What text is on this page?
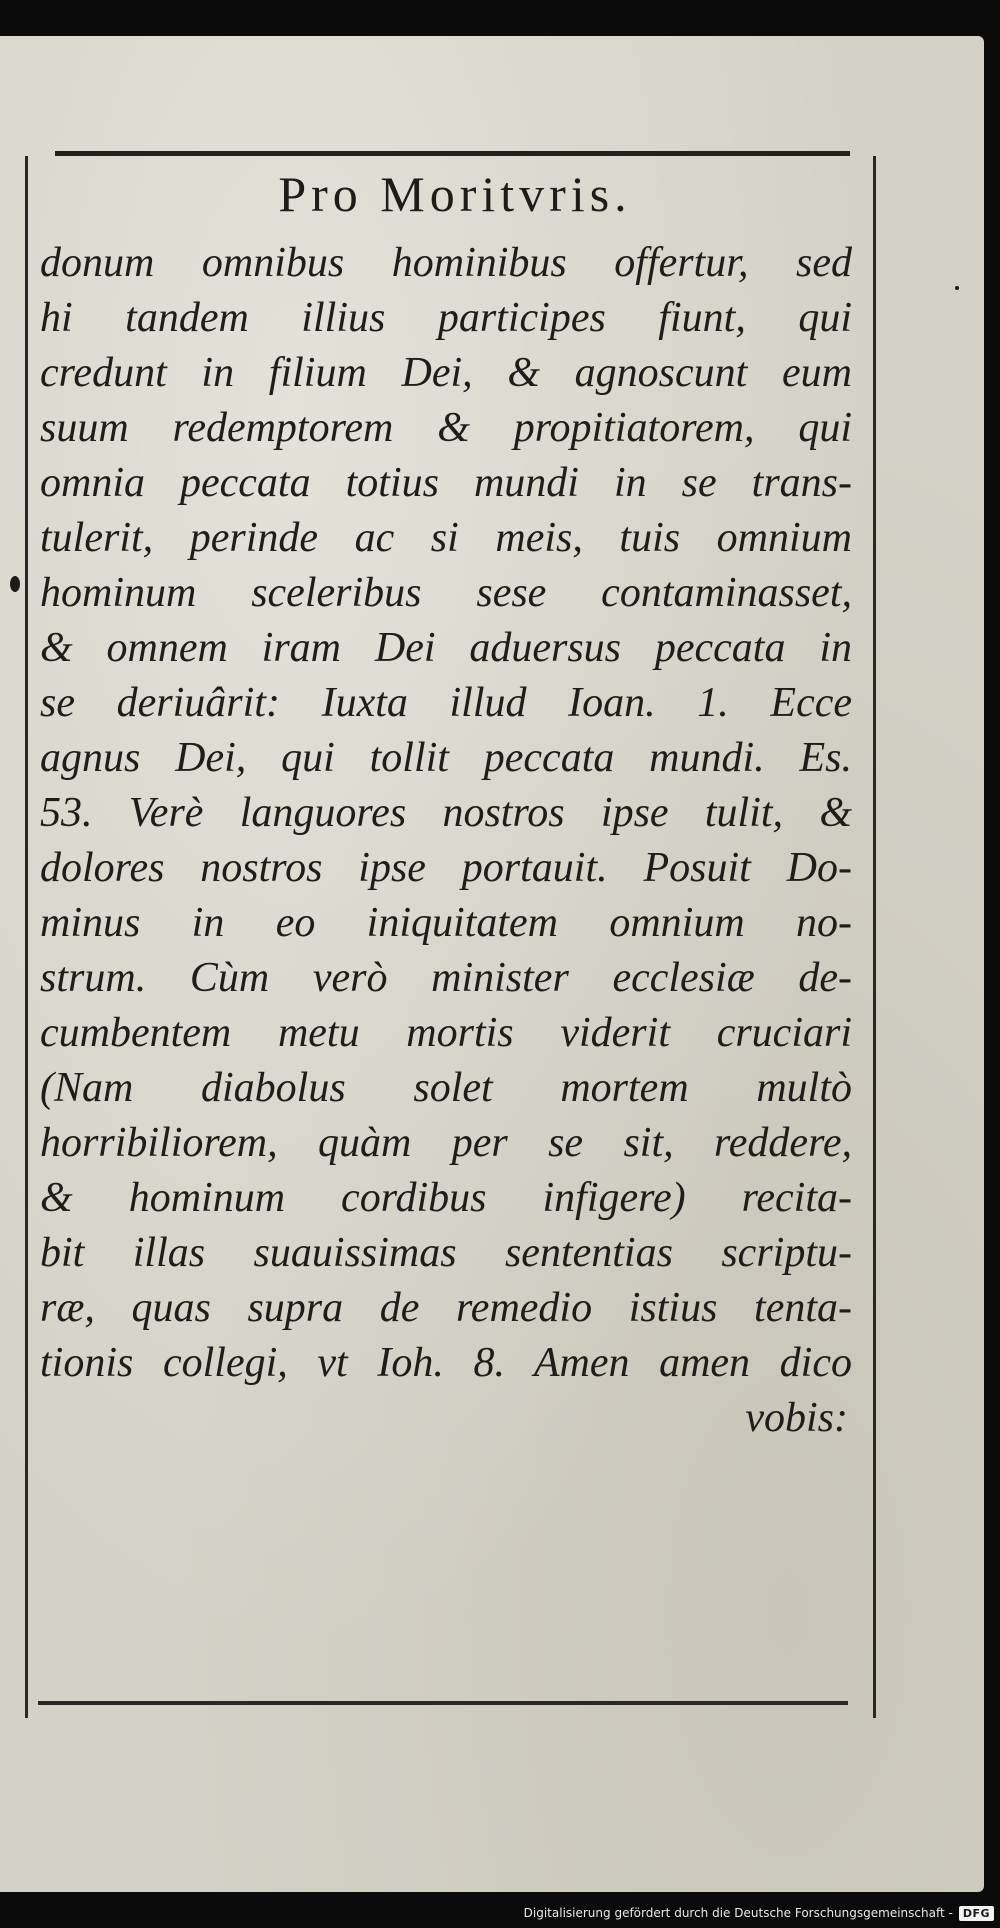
Pro Moritvris.
donum omnibus hominibus offertur, sed
hi tandem illius participes fiunt, qui
credunt in filium Dei, & agnoscunt eum
suum redemptorem & propitiatorem, qui
omnia peccata totius mundi in se trans-
tulerit, perinde ac si meis, tuis omnium
hominum sceleribus sese contaminasset,
& omnem iram Dei aduersus peccata in
se deriuârit: Iuxta illud Ioan. 1. Ecce
agnus Dei, qui tollit peccata mundi. Es.
53. Verè languores nostros ipse tulit, &
dolores nostros ipse portauit. Posuit Do-
minus in eo iniquitatem omnium no-
strum. Cùm verò minister ecclesiæ de-
cumbentem metu mortis viderit cruciari
(Nam diabolus solet mortem multò
horribiliorem, quàm per se sit, reddere,
& hominum cordibus infigere) recita-
bit illas suauissimas sententias scriptu-
ræ, quas supra de remedio istius tenta-
tionis collegi, vt Ioh. 8. Amen amen dico
vobis:
Digitalisierung gefördert durch die Deutsche Forschungsgemeinschaft - DFG
